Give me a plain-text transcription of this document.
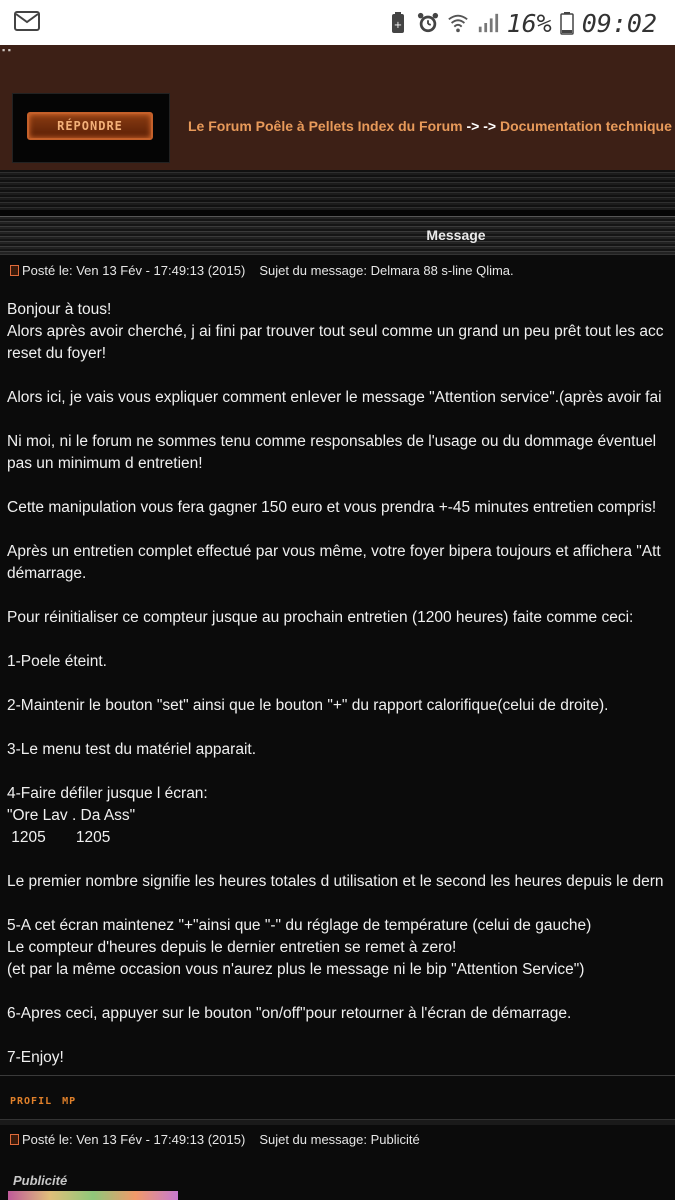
+	16% 09:02
▪ ▪
RÉPONDRE	Le Forum Poêle à Pellets Index du Forum -> -> Documentation technique
Message
Posté le: Ven 13 Fév - 17:49:13 (2015) Sujet du message: Delmara 88 s-line Qlima.

Bonjour à tous!
Alors après avoir cherché, j ai fini par trouver tout seul comme un grand un peu prêt tout les acc
reset du foyer!

Alors ici, je vais vous expliquer comment enlever le message "Attention service".(après avoir fai

Ni moi, ni le forum ne sommes tenu comme responsables de l'usage ou du dommage éventuel
pas un minimum d entretien!

Cette manipulation vous fera gagner 150 euro et vous prendra +-45 minutes entretien compris!

Après un entretien complet effectué par vous même, votre foyer bipera toujours et affichera "Att
démarrage.

Pour réinitialiser ce compteur jusque au prochain entretien (1200 heures) faite comme ceci:

1-Poele éteint.

2-Maintenir le bouton "set" ainsi que le bouton "+" du rapport calorifique(celui de droite).

3-Le menu test du matériel apparait.

4-Faire défiler jusque l écran:
"Ore Lav . Da Ass"
1205       1205

Le premier nombre signifie les heures totales d utilisation et le second les heures depuis le dern

5-A cet écran maintenez "+"ainsi que "-" du réglage de température (celui de gauche)
Le compteur d'heures depuis le dernier entretien se remet à zero!
(et par la même occasion vous n'aurez plus le message ni le bip "Attention Service")

6-Apres ceci, appuyer sur le bouton "on/off"pour retourner à l'écran de démarrage.

7-Enjoy!

PROFIL MP
Posté le: Ven 13 Fév - 17:49:13 (2015) Sujet du message: Publicité
Publicité
